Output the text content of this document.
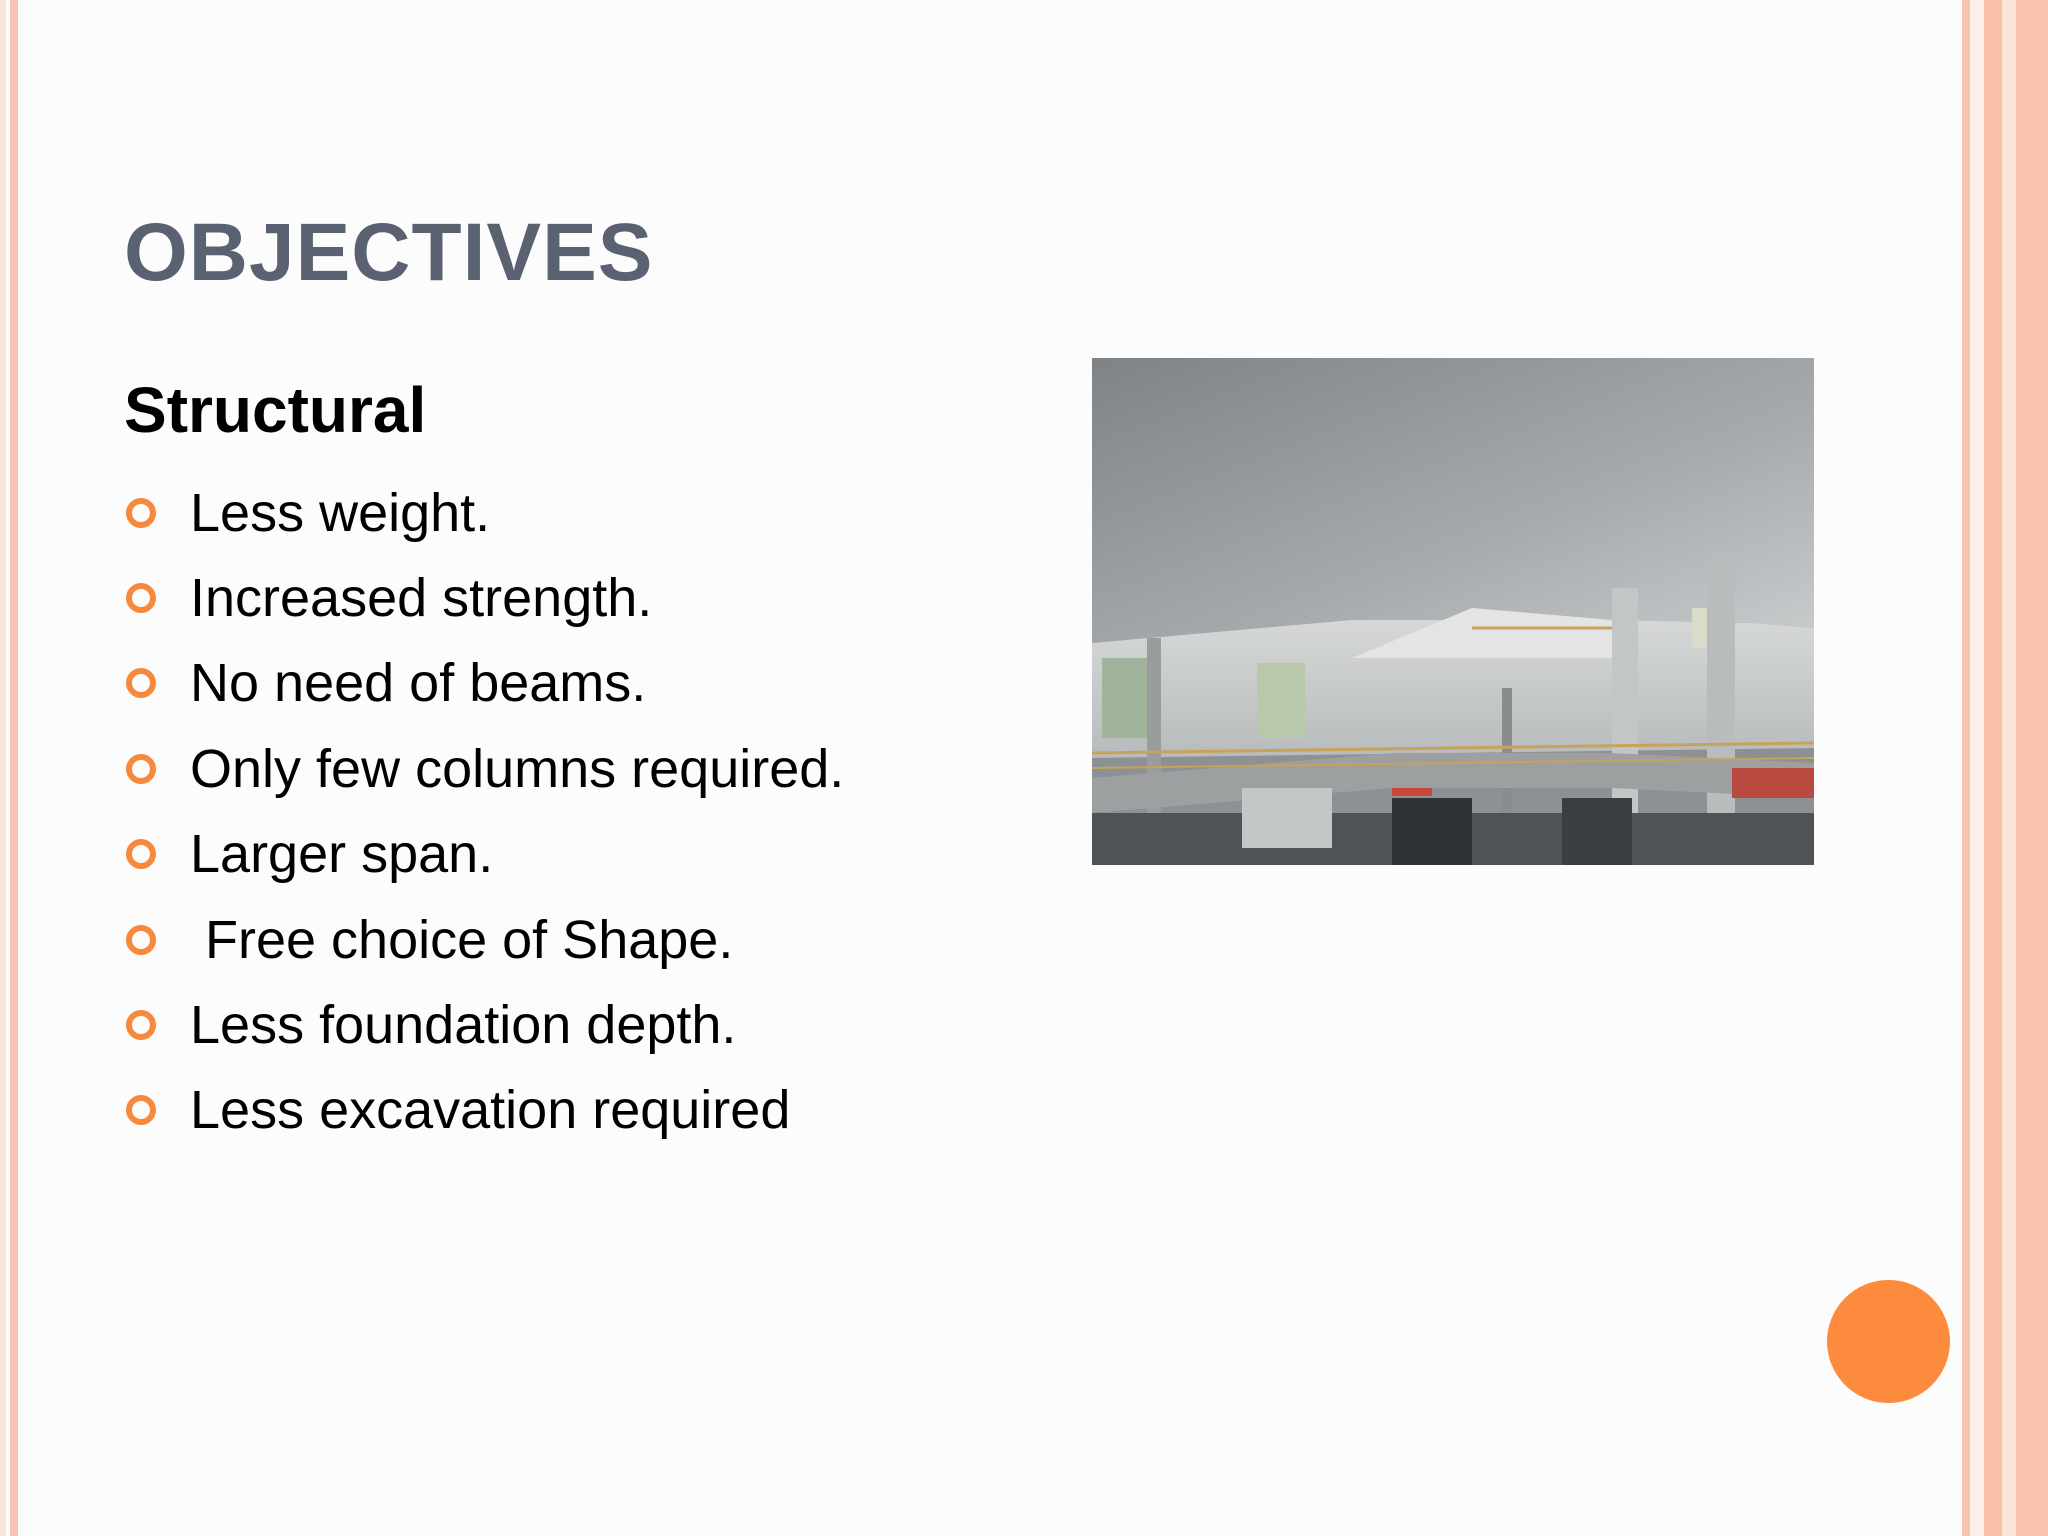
OBJECTIVES
Structural
Less weight.
Increased strength.
No need of beams.
Only few columns required.
Larger span.
Free choice of Shape.
Less foundation depth.
Less excavation required
